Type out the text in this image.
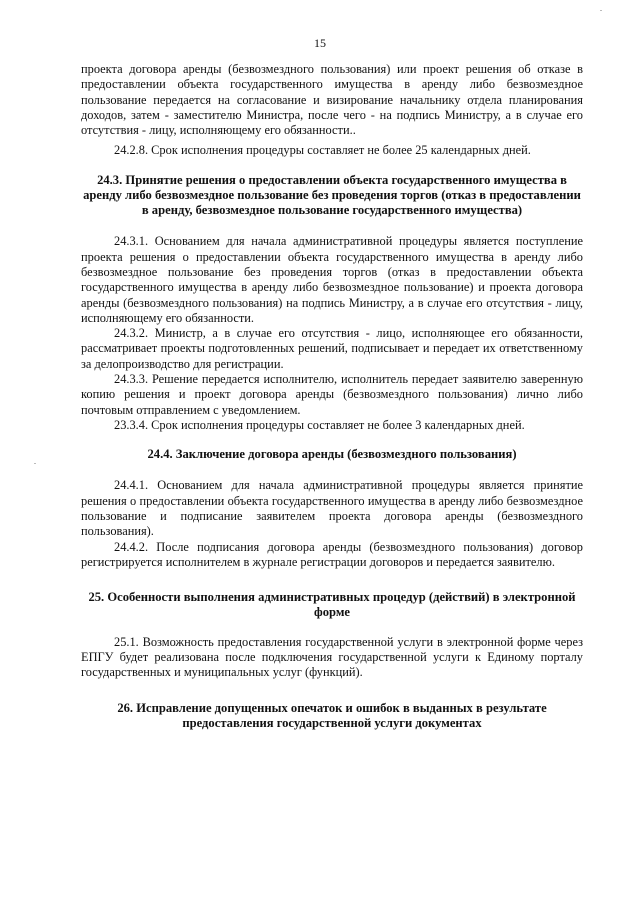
15

проекта договора аренды (безвозмездного пользования) или проект решения об отказе в предоставлении объекта государственного имущества в аренду либо безвозмездное пользование передается на согласование и визирование начальнику отдела планирования доходов, затем - заместителю Министра, после чего - на подпись Министру, а в случае его отсутствия - лицу, исполняющему его обязанности..

24.2.8. Срок исполнения процедуры составляет не более 25 календарных дней.

24.3. Принятие решения о предоставлении объекта государственного имущества в аренду либо безвозмездное пользование без проведения торгов (отказ в предоставлении в аренду, безвозмездное пользование государственного имущества)

24.3.1. Основанием для начала административной процедуры является поступление проекта решения о предоставлении объекта государственного имущества в аренду либо безвозмездное пользование без проведения торгов (отказ в предоставлении объекта государственного имущества в аренду либо безвозмездное пользование) и проекта договора аренды (безвозмездного пользования) на подпись Министру, а в случае его отсутствия - лицу, исполняющему его обязанности.

24.3.2. Министр, а в случае его отсутствия - лицо, исполняющее его обязанности, рассматривает проекты подготовленных решений, подписывает и передает их ответственному за делопроизводство для регистрации.

24.3.3. Решение передается исполнителю, исполнитель передает заявителю заверенную копию решения и проект договора аренды (безвозмездного пользования) лично либо почтовым отправлением с уведомлением.

23.3.4. Срок исполнения процедуры составляет не более 3 календарных дней.

24.4. Заключение договора аренды (безвозмездного пользования)

24.4.1. Основанием для начала административной процедуры является принятие решения о предоставлении объекта государственного имущества в аренду либо безвозмездное пользование и подписание заявителем проекта договора аренды (безвозмездного пользования).

24.4.2. После подписания договора аренды (безвозмездного пользования) договор регистрируется исполнителем в журнале регистрации договоров и передается заявителю.

25. Особенности выполнения административных процедур (действий) в электронной форме

25.1. Возможность предоставления государственной услуги в электронной форме через ЕПГУ будет реализована после подключения государственной услуги к Единому порталу государственных и муниципальных услуг (функций).

26. Исправление допущенных опечаток и ошибок в выданных в результате предоставления государственной услуги документах
